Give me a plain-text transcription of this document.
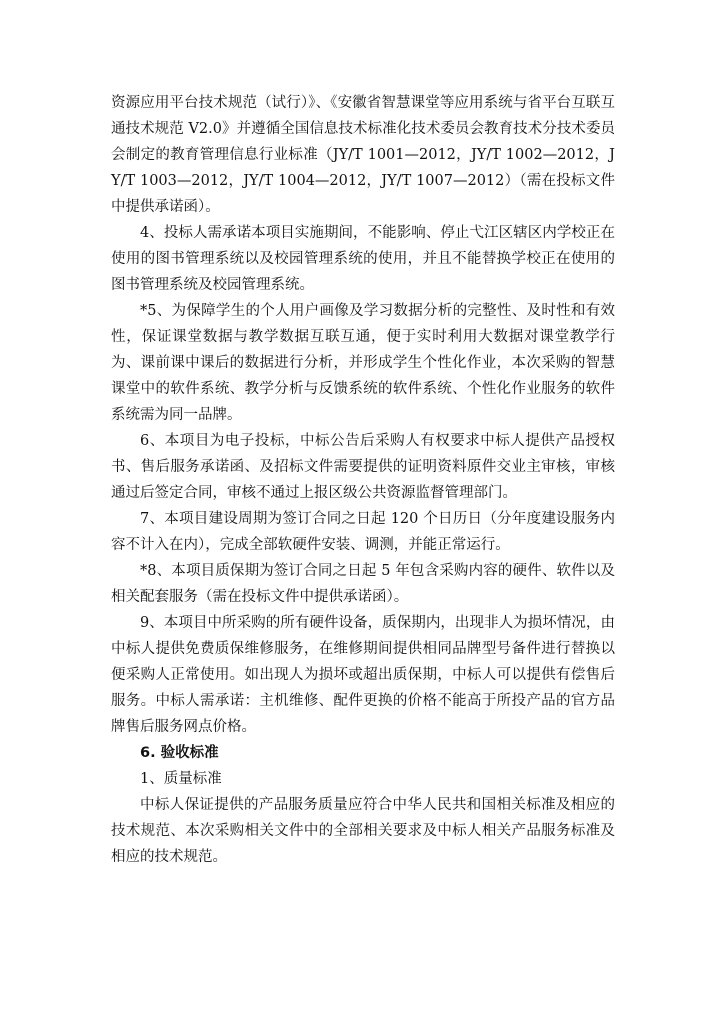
资源应用平台技术规范（试行）》、《安徽省智慧课堂等应用系统与省平台互联互通技术规范 V2.0》并遵循全国信息技术标准化技术委员会教育技术分技术委员会制定的教育管理信息行业标准（JY/T 1001—2012，JY/T 1002—2012，JY/T 1003—2012，JY/T 1004—2012，JY/T 1007—2012）（需在投标文件中提供承诺函）。

4、投标人需承诺本项目实施期间，不能影响、停止弋江区辖区内学校正在使用的图书管理系统以及校园管理系统的使用，并且不能替换学校正在使用的图书管理系统及校园管理系统。

*5、为保障学生的个人用户画像及学习数据分析的完整性、及时性和有效性，保证课堂数据与教学数据互联互通，便于实时利用大数据对课堂教学行为、课前课中课后的数据进行分析，并形成学生个性化作业，本次采购的智慧课堂中的软件系统、教学分析与反馈系统的软件系统、个性化作业服务的软件系统需为同一品牌。

6、本项目为电子投标，中标公告后采购人有权要求中标人提供产品授权书、售后服务承诺函、及招标文件需要提供的证明资料原件交业主审核，审核通过后签定合同，审核不通过上报区级公共资源监督管理部门。

7、本项目建设周期为签订合同之日起 120 个日历日（分年度建设服务内容不计入在内），完成全部软硬件安装、调测，并能正常运行。

*8、本项目质保期为签订合同之日起 5 年包含采购内容的硬件、软件以及相关配套服务（需在投标文件中提供承诺函）。

9、本项目中所采购的所有硬件设备，质保期内，出现非人为损坏情况，由中标人提供免费质保维修服务，在维修期间提供相同品牌型号备件进行替换以便采购人正常使用。如出现人为损坏或超出质保期，中标人可以提供有偿售后服务。中标人需承诺：主机维修、配件更换的价格不能高于所投产品的官方品牌售后服务网点价格。

6. 验收标准

1、质量标准

中标人保证提供的产品服务质量应符合中华人民共和国相关标准及相应的技术规范、本次采购相关文件中的全部相关要求及中标人相关产品服务标准及相应的技术规范。
